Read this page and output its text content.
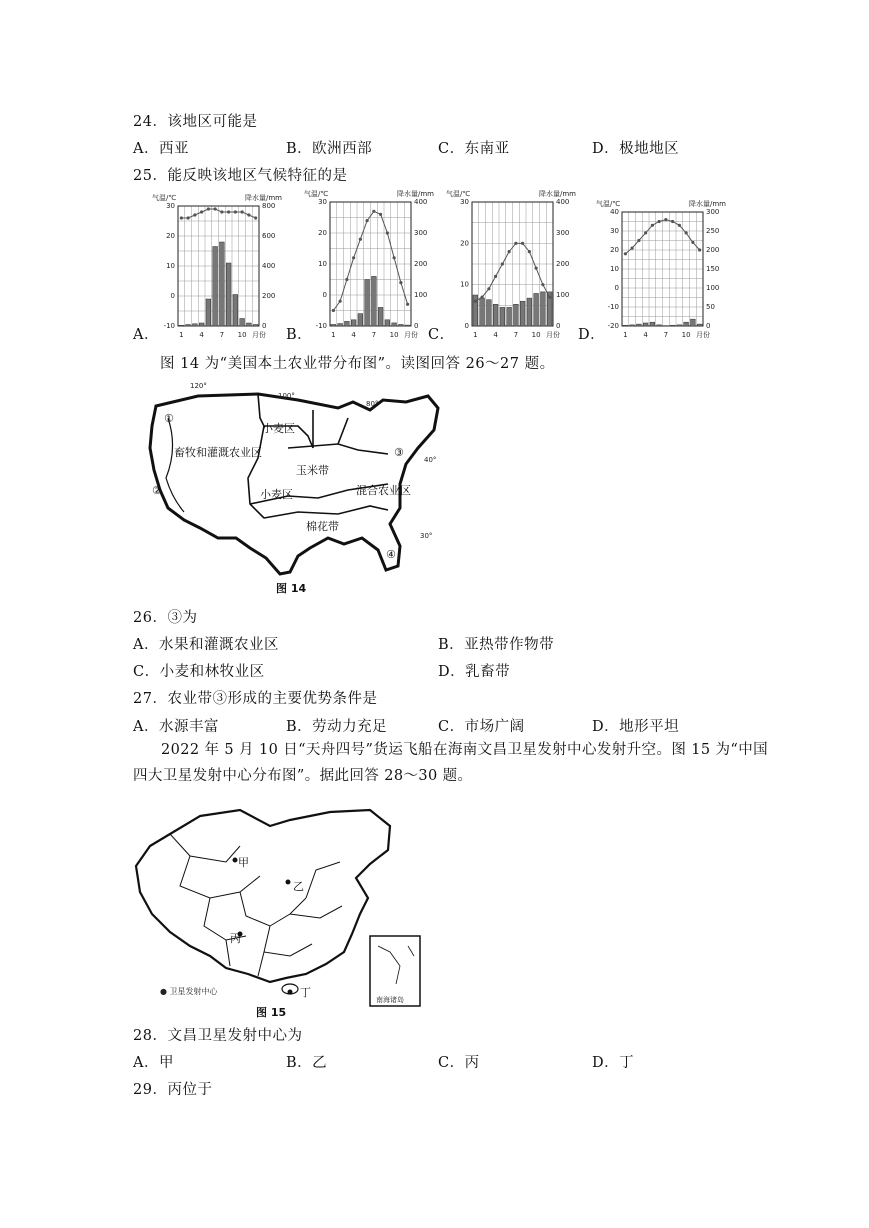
24．该地区可能是
A．西亚	B．欧洲西部	C．东南亚	D．极地地区
25．能反映该地区气候特征的是
A．	B．	C．	D．
气温/℃	降水量/mm
30
20
10
0
-10
800
600
400
200
0
1 4 7 10 月份
气温/℃	降水量/mm
30
20
10
0
-10
400
300
200
100
0
1 4 7 10 月份
气温/℃	降水量/mm
30
20
10
0
400
300
200
100
0
1 4 7 10 月份
气温/℃	降水量/mm
40
30
20
10
0
-10
-20
300
250
200
150
100
50
0
1 4 7 10 月份
图 14 为“美国本土农业带分布图”。读图回答 26～27 题。
畜牧和灌溉农业区
小麦区
玉米带
小麦区	混合农业区
棉花带
①
②
③
④
120°
100°
80°
40°
30°
图 14
26．③为
A．水果和灌溉农业区	B．亚热带作物带
C．小麦和林牧业区	D．乳畜带
27．农业带③形成的主要优势条件是
A．水源丰富	B．劳动力充足	C．市场广阔	D．地形平坦
2022 年 5 月 10 日“天舟四号”货运飞船在海南文昌卫星发射中心发射升空。图 15 为“中国四大卫星发射中心分布图”。据此回答 28～30 题。
甲
乙
丙
丁
南海诸岛
● 卫星发射中心
图 15
28．文昌卫星发射中心为
A．甲	B．乙	C．丙	D．丁
29．丙位于
